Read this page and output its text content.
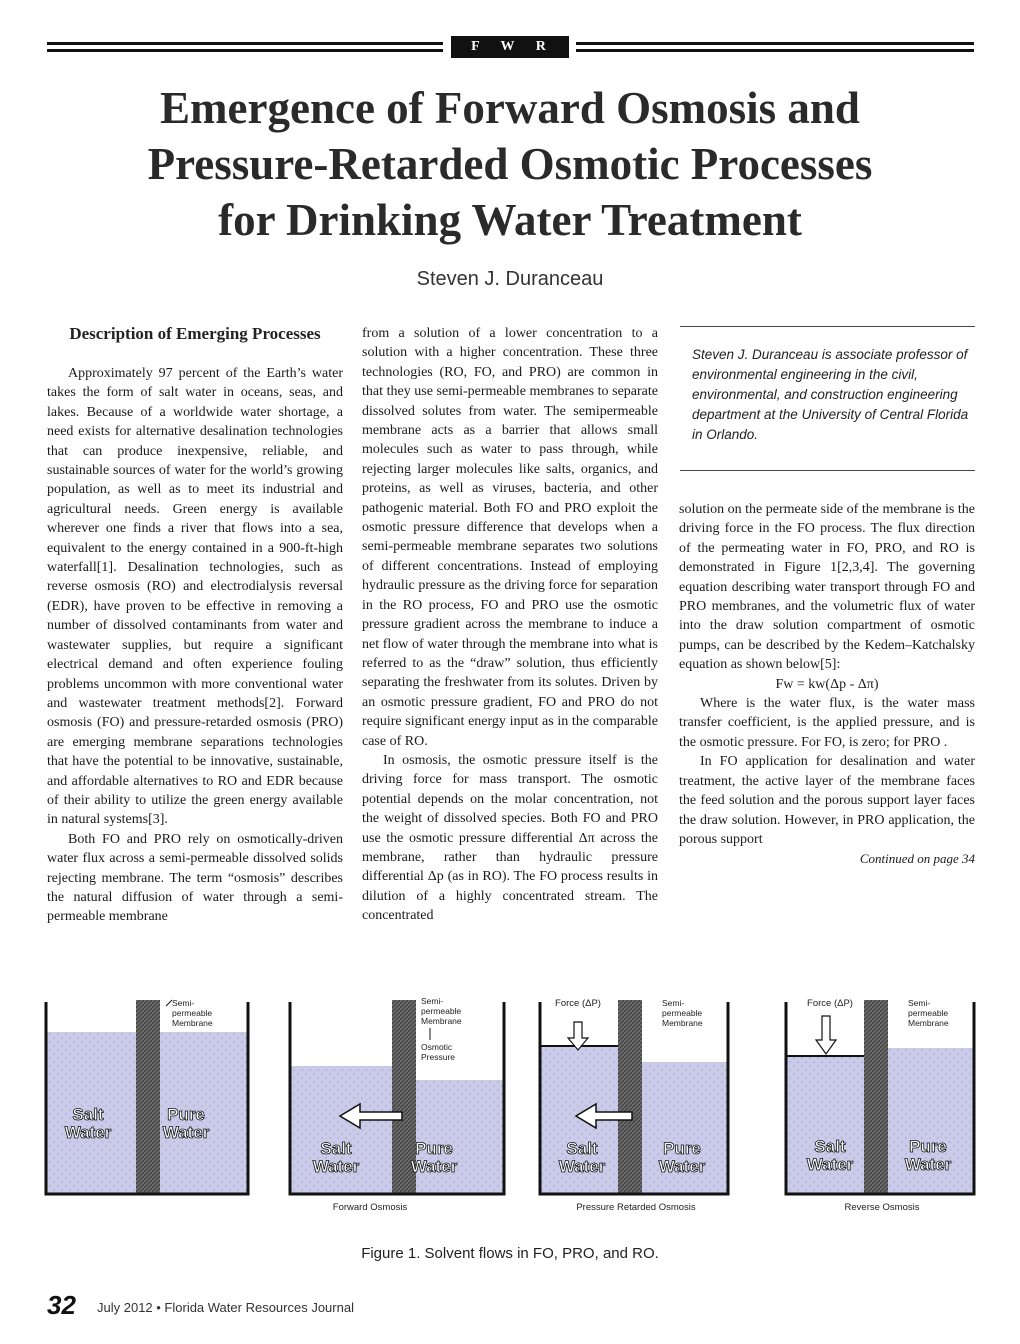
F W R J
Emergence of Forward Osmosis and
Pressure-Retarded Osmotic Processes
for Drinking Water Treatment
Steven J. Duranceau
Description of Emerging Processes

Approximately 97 percent of the Earth’s water takes the form of salt water in oceans, seas, and lakes. Because of a worldwide water shortage, a need exists for alternative desalination technologies that can produce inexpensive, reliable, and sustainable sources of water for the world’s growing population, as well as to meet its industrial and agricultural needs. Green energy is available wherever one finds a river that flows into a sea, equivalent to the energy contained in a 900-ft-high waterfall[1]. Desalination technologies, such as reverse osmosis (RO) and electrodialysis reversal (EDR), have proven to be effective in removing a number of dissolved contaminants from water and wastewater supplies, but require a significant electrical demand and often experience fouling problems uncommon with more conventional water and wastewater treatment methods[2]. Forward osmosis (FO) and pressure-retarded osmosis (PRO) are emerging membrane separations technologies that have the potential to be innovative, sustainable, and affordable alternatives to RO and EDR because of their ability to utilize the green energy available in natural systems[3].

Both FO and PRO rely on osmotically-driven water flux across a semi-permeable dissolved solids rejecting membrane. The term “osmosis” describes the natural diffusion of water through a semi-permeable membrane

from a solution of a lower concentration to a solution with a higher concentration. These three technologies (RO, FO, and PRO) are common in that they use semi-permeable membranes to separate dissolved solutes from water. The semipermeable membrane acts as a barrier that allows small molecules such as water to pass through, while rejecting larger molecules like salts, organics, and proteins, as well as viruses, bacteria, and other pathogenic material. Both FO and PRO exploit the osmotic pressure difference that develops when a semi-permeable membrane separates two solutions of different concentrations. Instead of employing hydraulic pressure as the driving force for separation in the RO process, FO and PRO use the osmotic pressure gradient across the membrane to induce a net flow of water through the membrane into what is referred to as the “draw” solution, thus efficiently separating the freshwater from its solutes. Driven by an osmotic pressure gradient, FO and PRO do not require significant energy input as in the comparable case of RO.

In osmosis, the osmotic pressure itself is the driving force for mass transport. The osmotic potential depends on the molar concentration, not the weight of dissolved species. Both FO and PRO use the osmotic pressure differential Δπ across the membrane, rather than hydraulic pressure differential Δp (as in RO). The FO process results in dilution of a highly concentrated stream. The concentrated

Steven J. Duranceau is associate professor of environmental engineering in the civil, environmental, and construction engineering department at the University of Central Florida in Orlando.

solution on the permeate side of the membrane is the driving force in the FO process. The flux direction of the permeating water in FO, PRO, and RO is demonstrated in Figure 1[2,3,4]. The governing equation describing water transport through FO and PRO membranes, and the volumetric flux of water into the draw solution compartment of osmotic pumps, can be described by the Kedem–Katchalsky equation as shown below[5]:

Fw = kw(Δp - Δπ)

Where is the water flux, is the water mass transfer coefficient, is the applied pressure, and is the osmotic pressure. For FO, is zero; for PRO .

In FO application for desalination and water treatment, the active layer of the membrane faces the feed solution and the porous support layer faces the draw solution. However, in PRO application, the porous support

Continued on page 34

Semi-
permeable
Membrane
Salt
Water
Pure
Water
Semi-
permeable
Membrane
Osmotic
Pressure
Salt
Water
Pure
Water
Forward Osmosis
Force (ΔP)	Semi-
permeable
Membrane
Salt
Water
Pure
Water
Pressure Retarded Osmosis
Force (ΔP)	Semi-
permeable
Membrane
Salt
Water
Pure
Water
Reverse Osmosis
Figure 1. Solvent flows in FO, PRO, and RO.
32 July 2012 • Florida Water Resources Journal
